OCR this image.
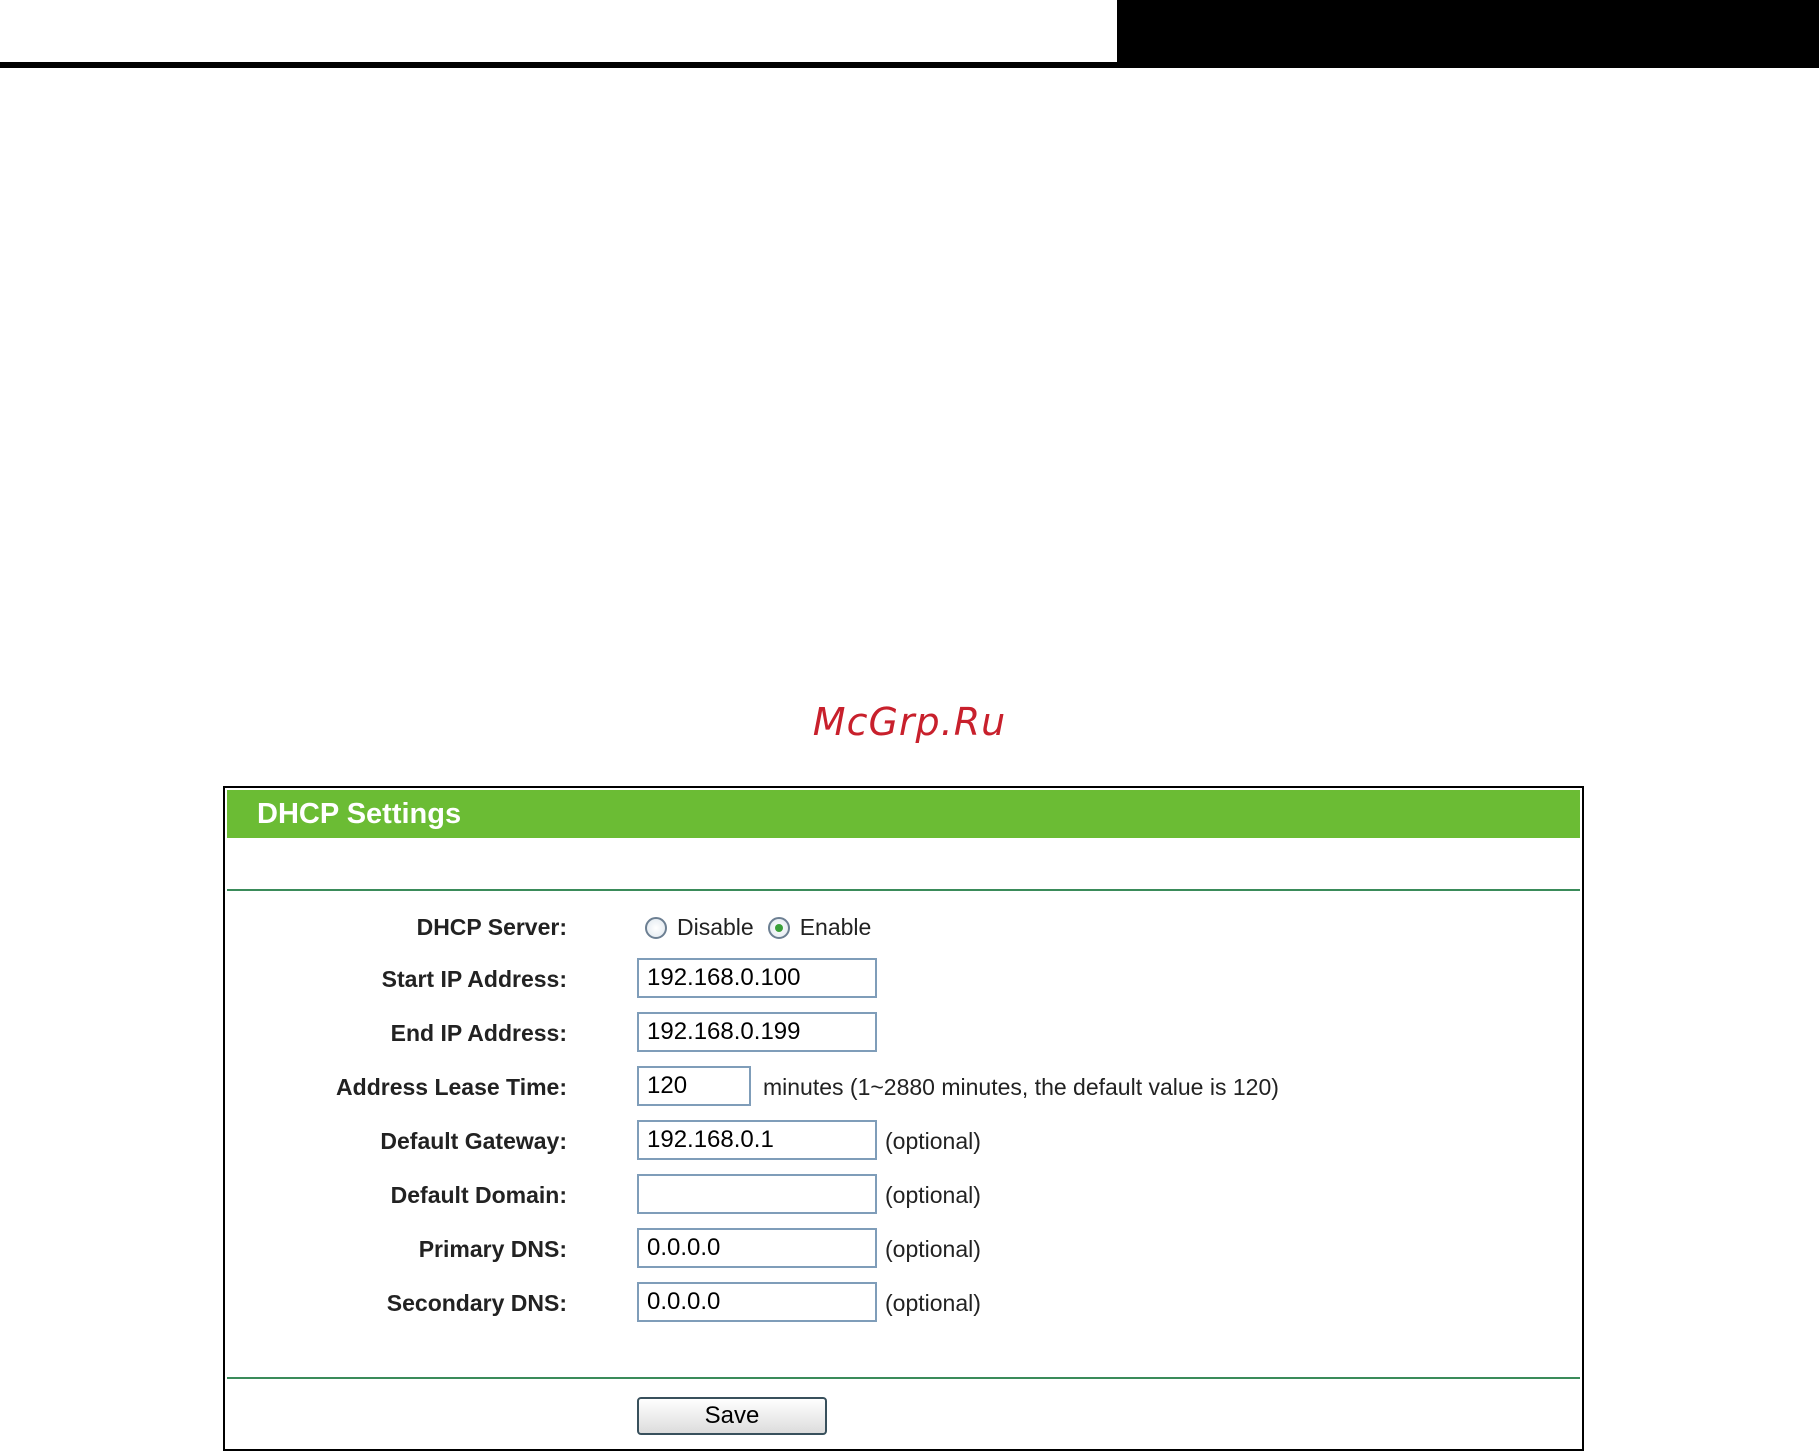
McGrp.Ru
DHCP Settings
DHCP Server:	Disable Enable
Start IP Address:
192.168.0.100
End IP Address:
192.168.0.199
Address Lease Time:
120	minutes (1~2880 minutes, the default value is 120)
Default Gateway:
192.168.0.1	(optional)
Default Domain:	(optional)
Primary DNS:
0.0.0.0	(optional)
Secondary DNS:
0.0.0.0	(optional)
Save
